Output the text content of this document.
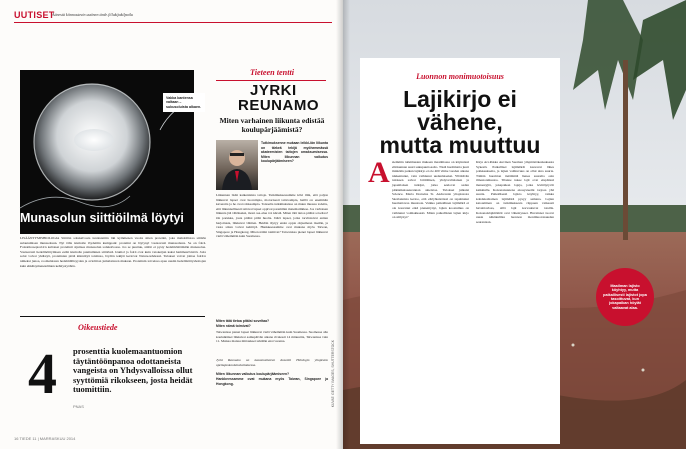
UUTISET
Äänestä kiinnostavin uutinen tiede.fi/lukijakilpailu
Vakka kantensa valtaan – sukusoluista alkaen.
Munasolun siittiöilmä löytyi
LISÄÄNTYMISBIOLOGIA Siittiön solukalvosta tunnistettiin liki kymmenen vuotta sitten proteiini, joka mahdollistaa siittiön sulautumisen munasoluun. Nyt tälle izumolle löydettiin kumppani: proteiini on löytynyt vastaavasti munasolusta. Se on folr4. Folaattireseptori4:n kaltaiset proteiinit sijaitsee munasolun solukalvossa. Jos se puuttuu, siittiö ei pysty hedelmöittämään munasolua. Vastaavasti hedelmöittymisen estää izumolle puuttuminen siittiöstä. Izumol ja folr4 ovat kuin vetoketjun kaksi hammasrivistöä. Jotta solut voivat yhdistyä, proteiinien pitää kiinnittyä toisiinsa, löydön tekijät kertovat Nature-lehdessä. Tulokset voivat johtaa folr4:n nimeksi junoa, roomalaisten hedelmällisyyden ja avioliiton jumalattaren mukaan. Proteiinin toiveissa apua uusiin hedelmöittyshoitojen kuin ehkäisymenetelmien kehitystyöhön.
Oikeustiede
4 prosenttia kuolemaantuomion täytäntöönpanoa odottaneista vangeista on Yhdysvalloissa ollut syyttömiä rikokseen, josta heidät tuomittiin.
PNAS
Tieteen tentti
JYRKI
REUNAMO
Miten varhainen liikunta edistää koulupärjäämistä?
Tutkimuksenne mukaan leikki-iän liikunta on tärkeä tekijä myöhemmässä akateemisten taitojen omaksumisessa. Miten liikunnan vaikutus koulupärjäämiseen?
Liikunnan lisää kaikenlaista taitoja. Tutkimuksessamme kävi ilmi, että paljon liikkuvat lapset ovat luovempia, motorisesti taitavampia, heillä on enemmän kavereita ja he ovat rohkeampia. Toisaalta tutkimuksissa on muun muassa todettu, että liikunnallisesti taitavat lapset oppivat paremmin matematiikkaa. Jos varhaisen liikunta jää vähäiseksi, moni osa-alue voi kärsiä. Miten tätä tietoa pitäisi soveltaa? On porukka, josta pitäisi pitää huolta. Jäärä lapset, jotka tarvitsisivat eniten harjoitusta, liikkuvat vähiten. Heidän täytyy ensin oppia ohjaamaan itseään, ja vasta sitten voivat kehittyä. Hankkeessamme ovat mukana myös Taiwan, Singapore ja Hongkong. Miten nämä toimivat? Taiwanissa pienet lapset liikkuvat vielä vähemmän kuin Suomessa.
Miten tätä tietoa pitäisi soveltaa?
Miten nämä toimivat?
Taiwanissa pienet lapset liikkuvat vielä vähemmän kuin Suomessa. Suomessa alle kouluikäiset liikkuvat aamupäivän aikana rivakasti 14 minuuttia, Taiwanissa vain 11. Muissa maissa mittaukset tehdään ensi vuonna.
Jyrki Reunamo on kasvatustieteen dosentti Helsingin yliopiston opettajankoulutuslaitoksessa.
Miten liikunnan vaikutus koulupärjäämiseen?
Hankkeessamme ovat mukana myös Taiwan, Singapore ja Hongkong.
16 TIEDE 11 | MARRASKUU 2014
KUVAT: GETTY IMAGES, SHUTTERSTOCK
Luonnon monimuotoisuus
Lajikirjo ei vähene,
mutta muuttuu
A siemmin tutkimusten mukaan maailmassa on käynnissä eliökunnan suuri sukupuuttoaalto. Tästä huolimatta juuri minkään paikan lajikirjo ei ole 400 viime vuoden aikana niukentunut, vain vaihtunut uudenlaiseksi. Yllättävän tuloksen saivat brittiläisen, yhdysvaltalaisen ja japanilaisen tutkijat, jotka seulovat sadan pitkäaikaisseurannan aineistoa. Tulokset julkaisi Science. Marta Dornelas St. Andrewsin yliopistosta Skotlannista kertoo, että eliöyhteisöissä on tapahtunut huomattavaa muutosta. Vaikka paikallinen lajimäärä ei ole kasvanut eikä pienentynyt, lajien koostumus on vaihtunut voimakkaasti. Miten paikallisten lajien kirjo on säilynyt?
Kirja Ari-Pekka Auvinen Suomen ympäristökeskuksesta Sykestä. Paikalliset lajimäärät kasvavat lähes poikkeuksetta, ja lajien vaihtuvuus on ollut aina suurta. Tämän huomion tietämättä lienee suurelta osin ilmastonmuutos. Tilanne tukee lajit ovat etupäässä menestyjiä, jokapaikan lajeja, jotka levittäytyvät kaikkialle. Kokonaisuutena ekosysteemi tarjoaa yhä suuria. Paikallisesti lajisto köyhtyy, vaikka kohdekohtainen lajimäärä pysyy samana. Lajien katoaminen on tutkimuksesta riippuen vaikeasti havaittavissa, sillä lajit korvautuvat toisilla. Kokonaislajimäärät ovat vähentyneet. Havainnot tuovat uusia näkökulmia luonnon monimuotoisuuden seurantaan.
Maailman lajisto köyhtyy, mutta paikallisesti lajistot jopa tasoittuvat, kun jokapaikan höylät valtaavat alaa.
